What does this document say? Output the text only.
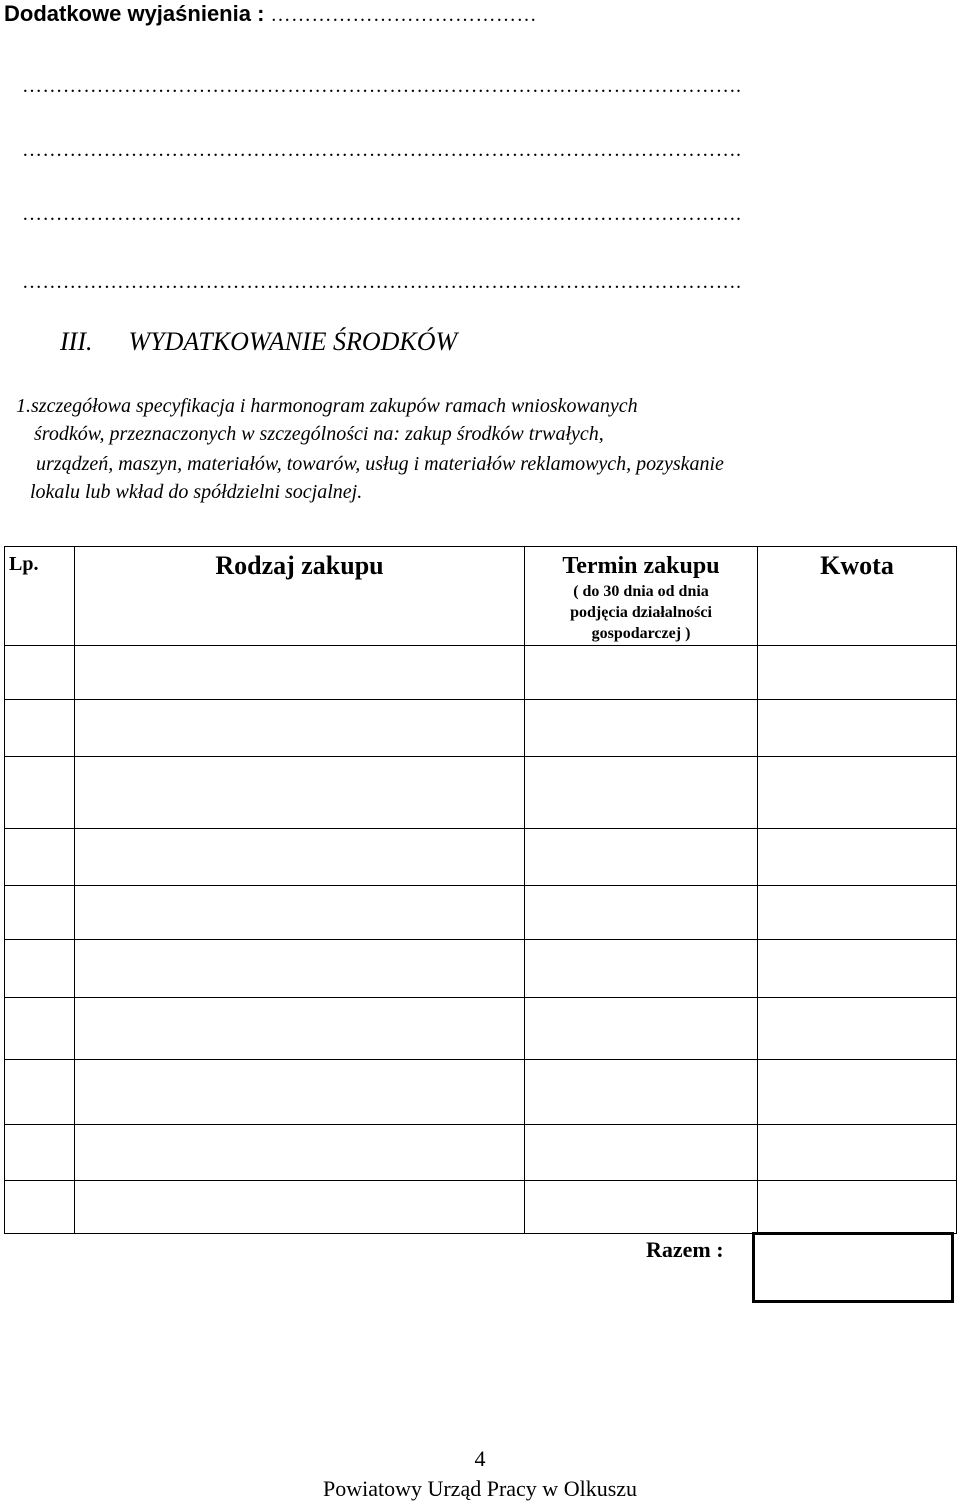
Dodatkowe wyjaśnienia : …………………………………
…………………………………………………………………………………………….
…………………………………………………………………………………………….
…………………………………………………………………………………………….
…………………………………………………………………………………………….
III. WYDATKOWANIE ŚRODKÓW
1.szczegółowa specyfikacja i harmonogram zakupów ramach wnioskowanych
środków, przeznaczonych w szczególności na: zakup środków trwałych,
urządzeń, maszyn, materiałów, towarów, usług i materiałów reklamowych, pozyskanie
lokalu lub wkład do spółdzielni socjalnej.
Lp.	Rodzaj zakupu	Termin zakupu
( do 30 dnia od dnia
podjęcia działalności
gospodarczej )	Kwota

Razem :
4
Powiatowy Urząd Pracy w Olkuszu
